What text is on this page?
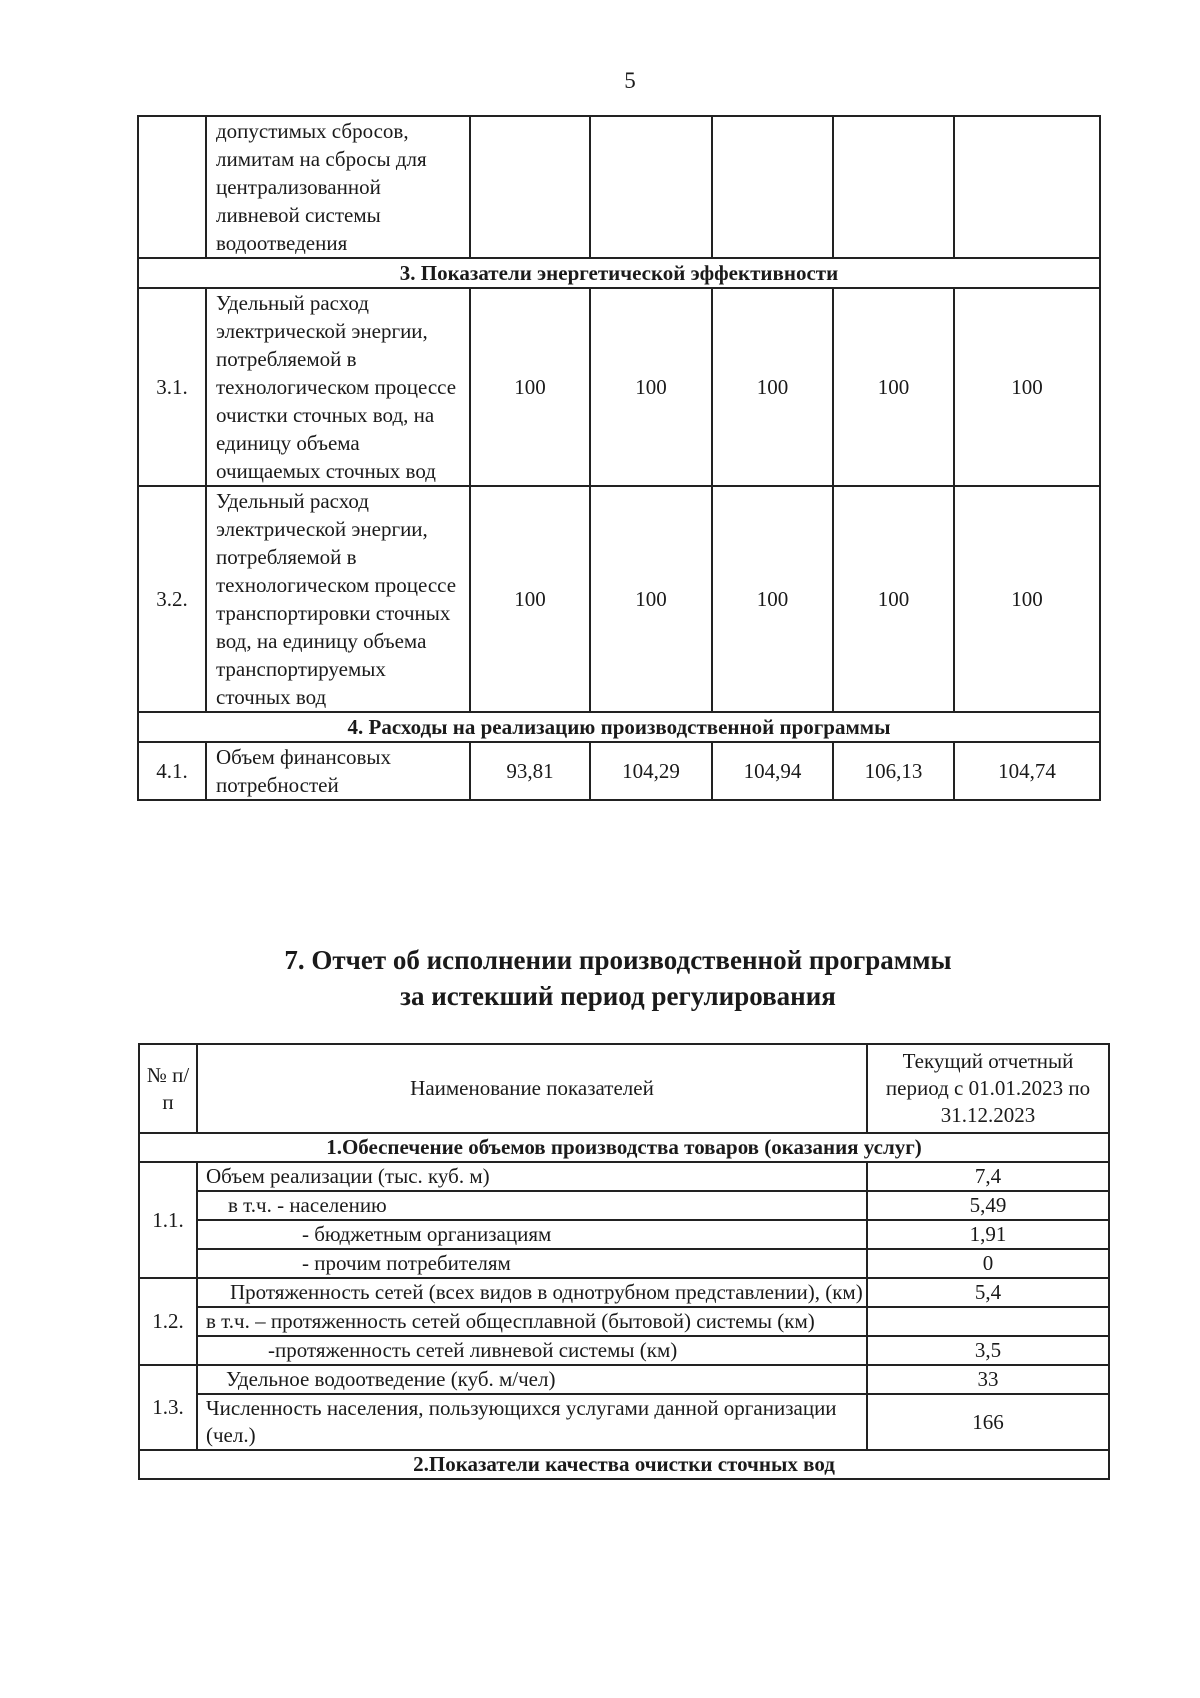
5
	допустимых сбросов, лимитам на сбросы для централизованной ливневой системы водоотведения					
3. Показатели энергетической эффективности						
3.1.	Удельный расход электрической энергии, потребляемой в технологическом процессе очистки сточных вод, на единицу объема очищаемых сточных вод	100	100	100	100	100
3.2.	Удельный расход электрической энергии, потребляемой в технологическом процессе транспортировки сточных вод, на единицу объема транспортируемых сточных вод	100	100	100	100	100
4. Расходы на реализацию производственной программы						
4.1.	Объем финансовых потребностей	93,81	104,29	104,94	106,13	104,74
7. Отчет об исполнении производственной программы
за истекший период регулирования
№ п/п	Наименование показателей	Текущий отчетный период с 01.01.2023 по 31.12.2023
1.Обеспечение объемов производства товаров (оказания услуг)		
1.1.	Объем реализации (тыс. куб. м)	7,4
	в т.ч. - населению	5,49
	- бюджетным организациям	1,91
	- прочим потребителям	0
1.2.	Протяженность сетей (всех видов в однотрубном представлении), (км)	5,4
	в т.ч. – протяженность сетей общесплавной (бытовой) системы (км)	
	-протяженность сетей ливневой системы (км)	3,5
1.3.	Удельное водоотведение (куб. м/чел)	33
	Численность населения, пользующихся услугами данной организации (чел.)	166
2.Показатели качества очистки сточных вод		
